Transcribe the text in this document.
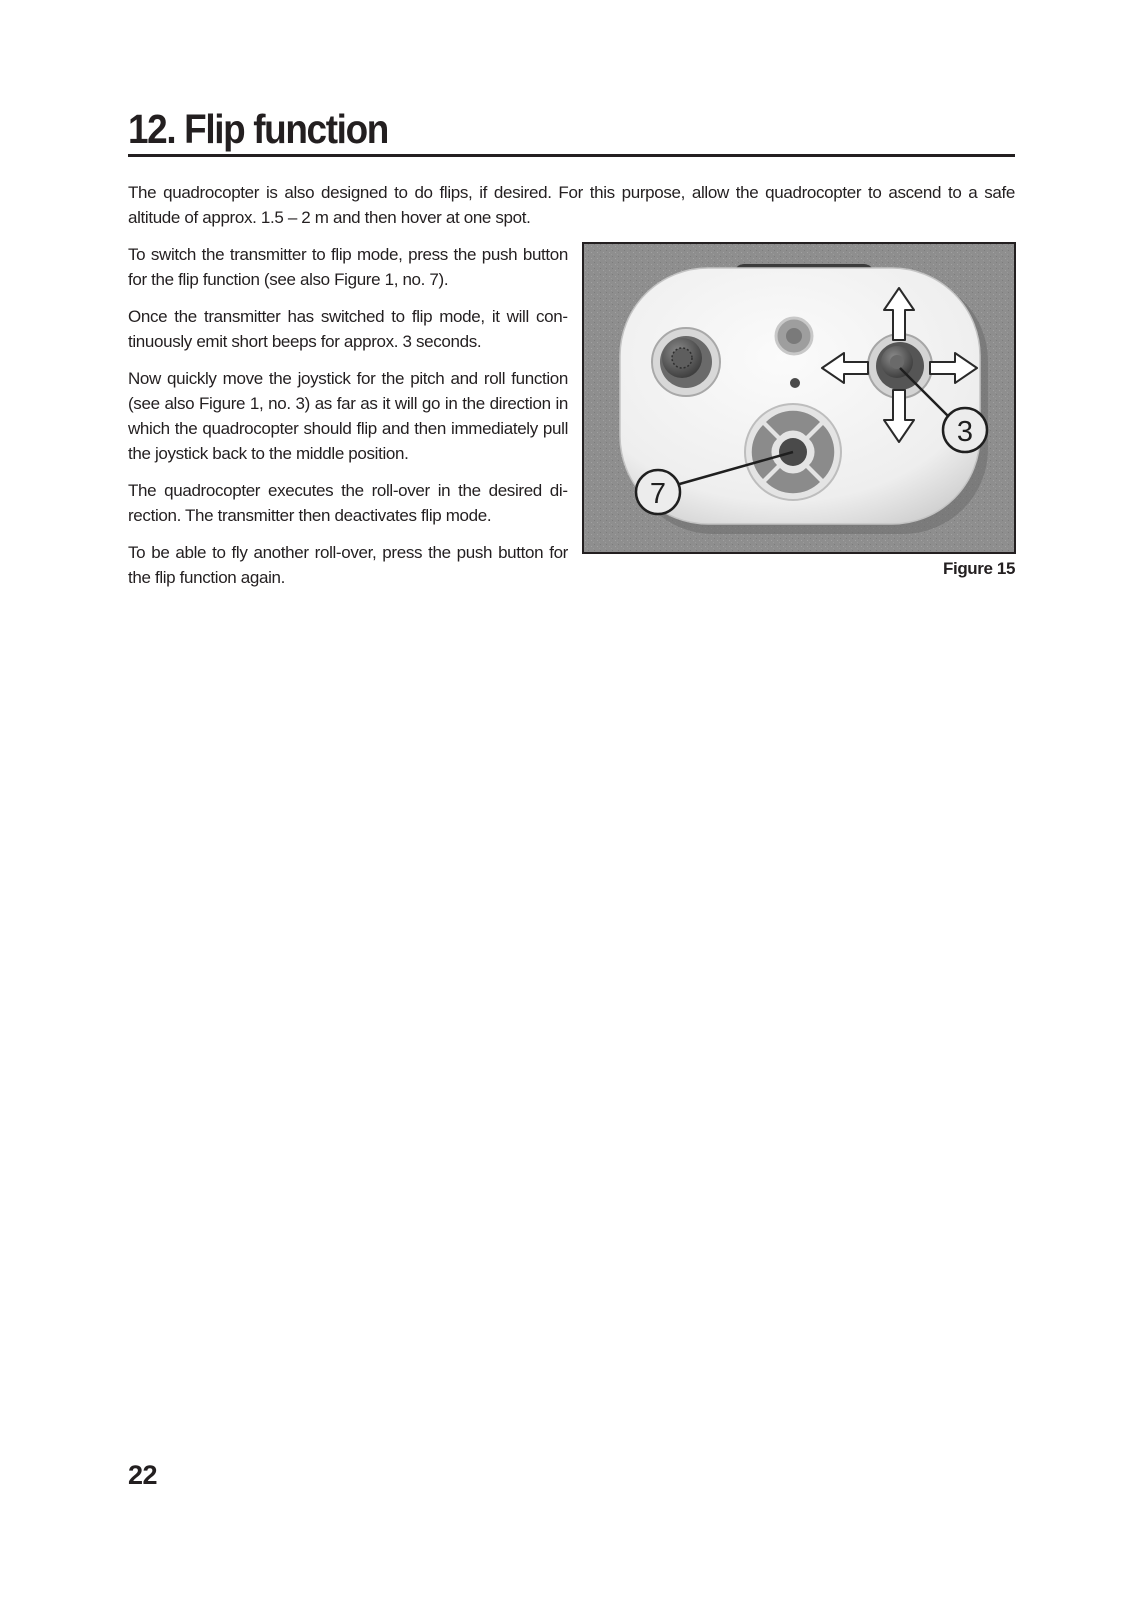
12. Flip function

The quadrocopter is also designed to do flips, if desired. For this purpose, allow the quadrocopter to ascend to a safe altitude of approx. 1.5 – 2 m and then hover at one spot.

To switch the transmitter to flip mode, press the push button for the flip function (see also Figure 1, no. 7).

Once the transmitter has switched to flip mode, it will continuously emit short beeps for approx. 3 seconds.

Now quickly move the joystick for the pitch and roll function (see also Figure 1, no. 3) as far as it will go in the direction in which the quadrocopter should flip and then immediately pull the joystick back to the middle position.

The quadrocopter executes the roll-over in the desired direction. The transmitter then deactivates flip mode.

To be able to fly another roll-over, press the push button for the flip function again.

3
7
Figure 15
22
